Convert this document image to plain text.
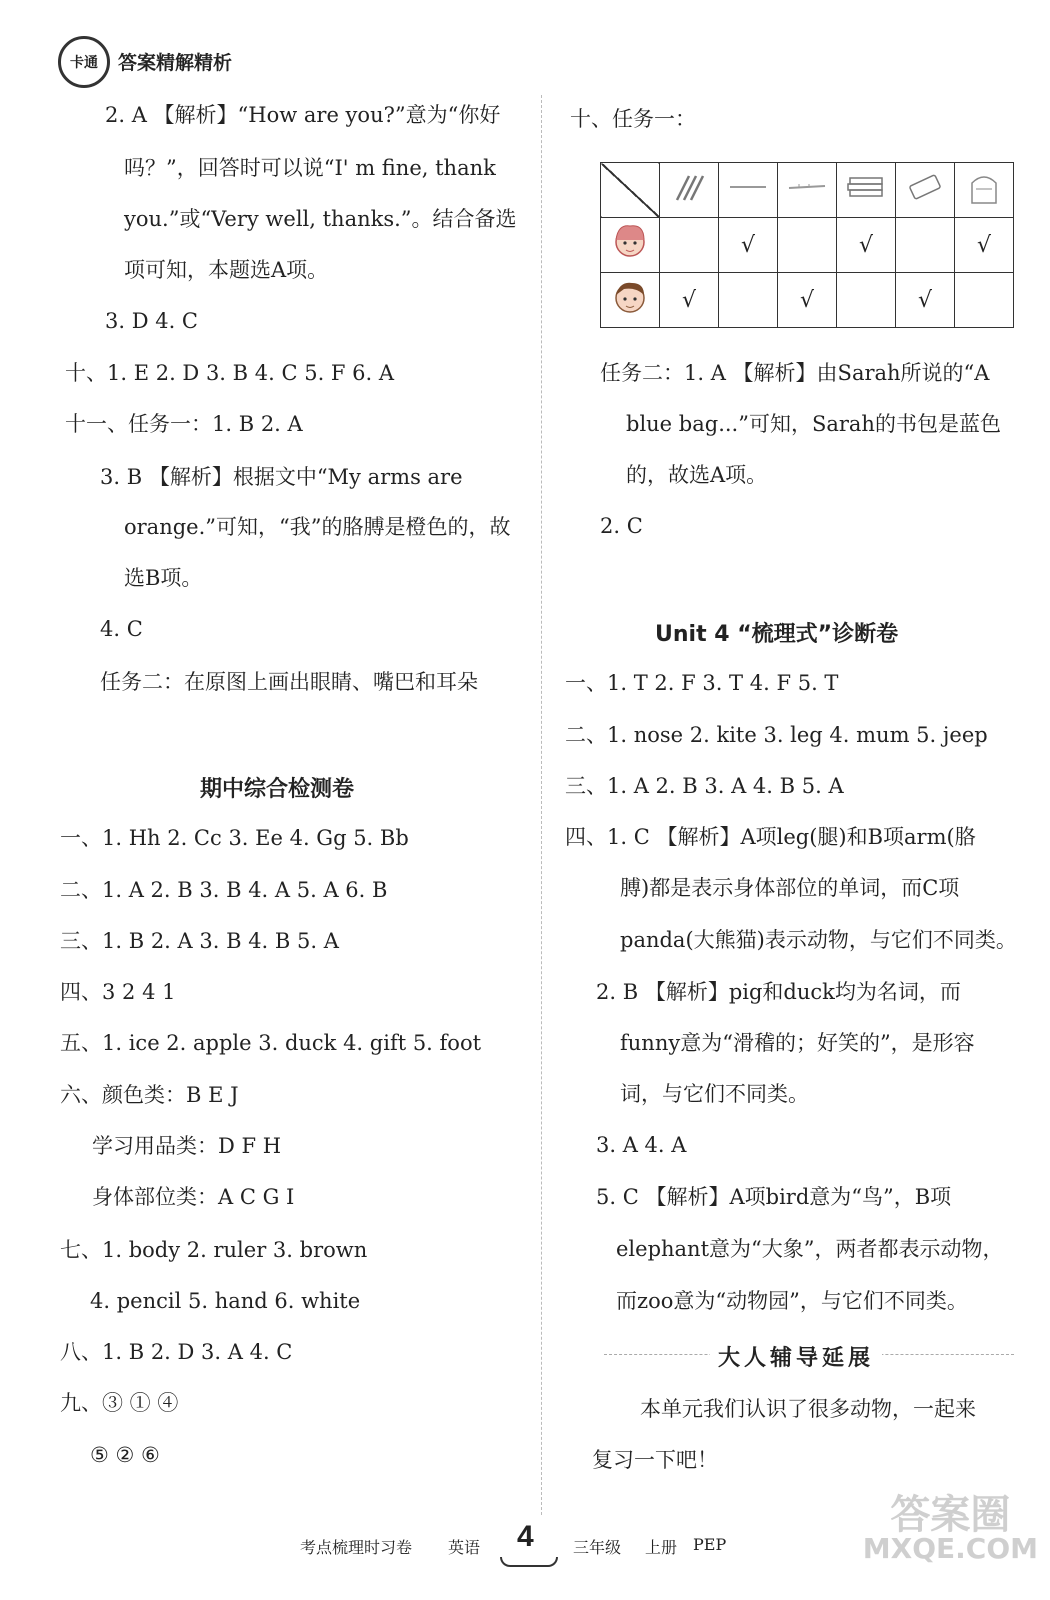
卡通 答案精解精析
2. A 【解析】“How are you?”意为“你好
吗？”，回答时可以说“I' m fine, thank
you.”或“Very well, thanks.”。结合备选
项可知，本题选A项。
3. D 4. C
十、1. E 2. D 3. B 4. C 5. F 6. A
十一、任务一：1. B 2. A
3. B 【解析】根据文中“My arms are
orange.”可知，“我”的胳膊是橙色的，故
选B项。
4. C
任务二：在原图上画出眼睛、嘴巴和耳朵
期中综合检测卷
一、1. Hh 2. Cc 3. Ee 4. Gg 5. Bb
二、1. A 2. B 3. B 4. A 5. A 6. B
三、1. B 2. A 3. B 4. B 5. A
四、3 2 4 1
五、1. ice 2. apple 3. duck 4. gift 5. foot
六、颜色类：B E J
学习用品类：D F H
身体部位类：A C G I
七、1. body 2. ruler 3. brown
4. pencil 5. hand 6. white
八、1. B 2. D 3. A 4. C
九、③ ① ④
⑤ ② ⑥
十、任务一：

		√		√		√
	√		√		√	
任务二：1. A 【解析】由Sarah所说的“A
blue bag...”可知，Sarah的书包是蓝色
的，故选A项。
2. C
Unit 4 “梳理式”诊断卷
一、1. T 2. F 3. T 4. F 5. T
二、1. nose 2. kite 3. leg 4. mum 5. jeep
三、1. A 2. B 3. A 4. B 5. A
四、1. C 【解析】A项leg(腿)和B项arm(胳
膊)都是表示身体部位的单词，而C项
panda(大熊猫)表示动物，与它们不同类。
2. B 【解析】pig和duck均为名词，而
funny意为“滑稽的；好笑的”，是形容
词，与它们不同类。
3. A 4. A
5. C 【解析】A项bird意为“鸟”，B项
elephant意为“大象”，两者都表示动物，
而zoo意为“动物园”，与它们不同类。
大人辅导延展
本单元我们认识了很多动物，一起来
复习一下吧！
考点梳理时习卷 英语 4 三年级 上册 PEP
答案圈
MXQE.COM
